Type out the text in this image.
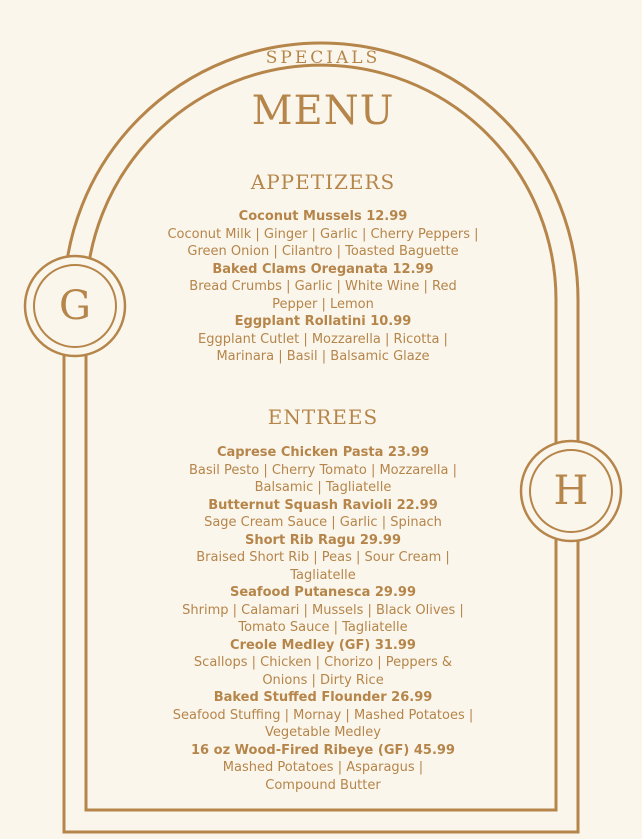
G
H
SPECIALS
MENU
APPETIZERS
Coconut Mussels 12.99
Coconut Milk | Ginger | Garlic | Cherry Peppers | Green Onion | Cilantro | Toasted Baguette
Baked Clams Oreganata 12.99
Bread Crumbs | Garlic | White Wine | Red Pepper | Lemon
Eggplant Rollatini 10.99
Eggplant Cutlet | Mozzarella | Ricotta | Marinara | Basil | Balsamic Glaze
ENTREES
Caprese Chicken Pasta 23.99
Basil Pesto | Cherry Tomato | Mozzarella | Balsamic | Tagliatelle
Butternut Squash Ravioli 22.99
Sage Cream Sauce | Garlic | Spinach
Short Rib Ragu 29.99
Braised Short Rib | Peas | Sour Cream | Tagliatelle
Seafood Putanesca 29.99
Shrimp | Calamari | Mussels | Black Olives | Tomato Sauce | Tagliatelle
Creole Medley (GF) 31.99
Scallops | Chicken | Chorizo | Peppers & Onions | Dirty Rice
Baked Stuffed Flounder 26.99
Seafood Stuffing | Mornay | Mashed Potatoes | Vegetable Medley
16 oz Wood-Fired Ribeye (GF) 45.99
Mashed Potatoes | Asparagus | Compound Butter
